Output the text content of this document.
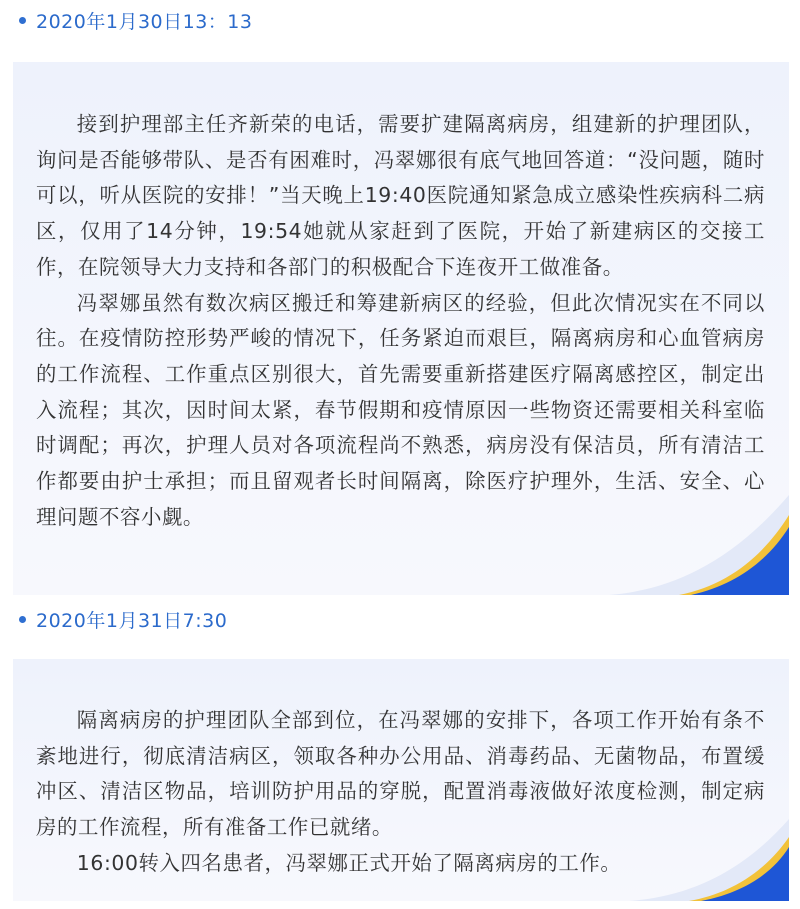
2020年1月30日13：13

接到护理部主任齐新荣的电话，需要扩建隔离病房，组建新的护理团队，询问是否能够带队、是否有困难时，冯翠娜很有底气地回答道：“没问题，随时可以，听从医院的安排！”当天晚上19:40医院通知紧急成立感染性疾病科二病区，仅用了14分钟，19:54她就从家赶到了医院，开始了新建病区的交接工作，在院领导大力支持和各部门的积极配合下连夜开工做准备。

冯翠娜虽然有数次病区搬迁和筹建新病区的经验，但此次情况实在不同以往。在疫情防控形势严峻的情况下，任务紧迫而艰巨，隔离病房和心血管病房的工作流程、工作重点区别很大，首先需要重新搭建医疗隔离感控区，制定出入流程；其次，因时间太紧，春节假期和疫情原因一些物资还需要相关科室临时调配；再次，护理人员对各项流程尚不熟悉，病房没有保洁员，所有清洁工作都要由护士承担；而且留观者长时间隔离，除医疗护理外，生活、安全、心理问题不容小觑。

2020年1月31日7:30

隔离病房的护理团队全部到位，在冯翠娜的安排下，各项工作开始有条不紊地进行，彻底清洁病区，领取各种办公用品、消毒药品、无菌物品，布置缓冲区、清洁区物品，培训防护用品的穿脱，配置消毒液做好浓度检测，制定病房的工作流程，所有准备工作已就绪。

16:00转入四名患者，冯翠娜正式开始了隔离病房的工作。
